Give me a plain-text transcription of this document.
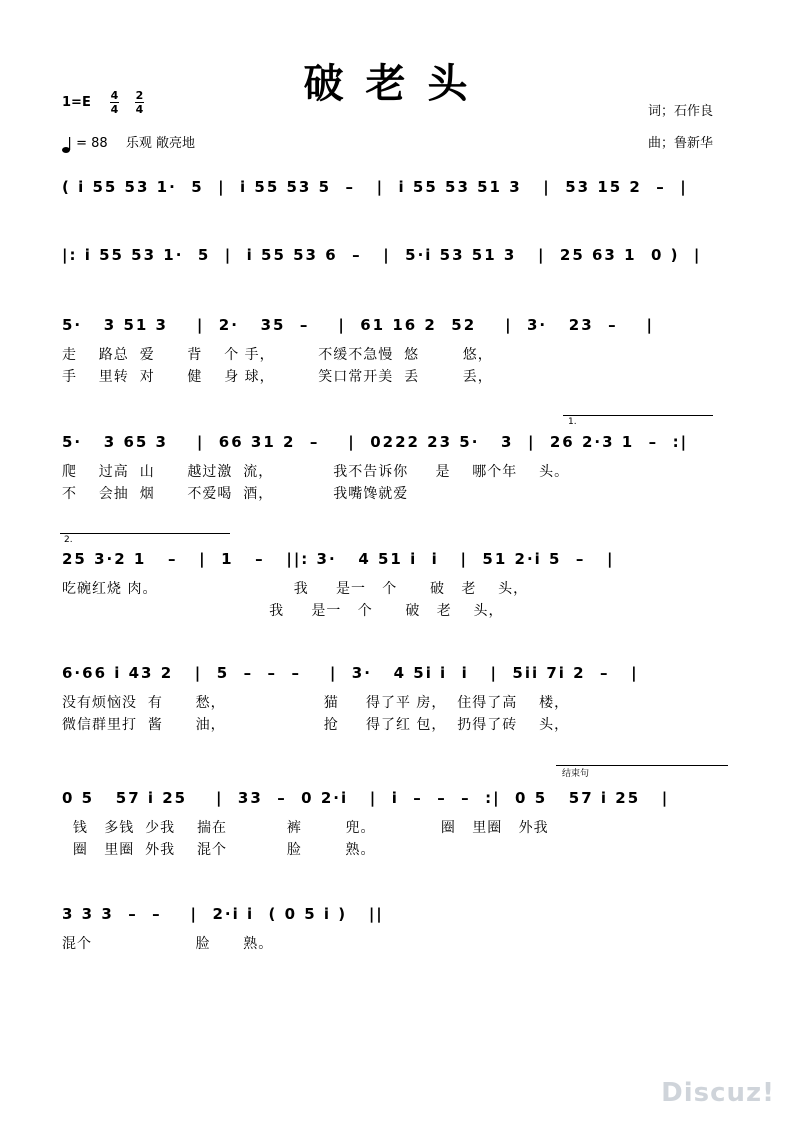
破老头
1=E 4
4
2
4
= 88 乐观 敞亮地
词；石作良
曲；鲁新华
( i 55 53 1·  5  |  i 55 53 5  –   |  i 55 53 51 3   |  53 15 2  –  |
|: i 55 53 1·  5  |  i 55 53 6  –   |  5·i 53 51 3   |  25 63 1  0 )  |
5·   3 51 3    |  2·   35  –    |  61 16 2  52    |  3·   23  –    |
走    路总  爱      背    个 手，        不缓不急慢  悠        悠，
手    里转  对      健    身 球，        笑口常开美  丢        丢，
1.
5·   3 65 3    |  66 31 2  –    |  0222 23 5·   3  |  26 2·3 1  –  :|
爬    过高  山      越过激  流，           我不告诉你     是    哪个年    头。
不    会抽  烟      不爱喝  酒，           我嘴馋就爱
2.
25 3·2 1   –   |  1   –   ||: 3·   4 51 i  i   |  51 2·i 5  –   |
吃碗红烧 肉。                         我     是一   个      破   老    头，
我     是一   个      破   老    头，
6·66 i 43 2   |  5  –  –  –    |  3·   4 5i i  i   |  5ii 7i 2  –   |
没有烦恼没  有      愁，                  猫     得了平 房，  住得了高    楼，
微信群里打  酱      油，                  抢     得了红 包，  扔得了砖    头，
结束句
0 5   57 i 25    |  33  –  0 2·i   |  i  –  –  –  :|  0 5   57 i 25   |
钱   多钱  少我    揣在           裤        兜。            圈   里圈   外我
圈   里圈  外我    混个           脸        熟。
3 3 3  –  –    |  2·i i  ( 0 5 i )   ||
混个                   脸      熟。
Discuz!
